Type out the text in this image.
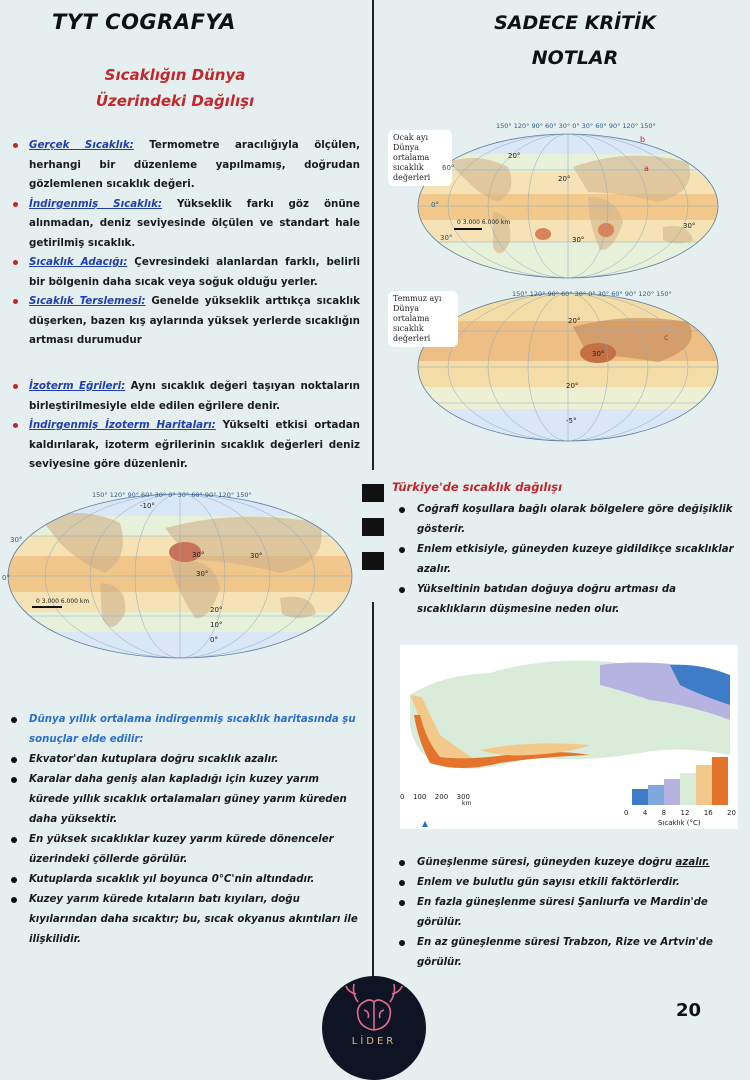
TYT COGRAFYA	SADECE KRİTİK
NOTLAR
Sıcaklığın Dünya
Üzerindeki Dağılışı
Gerçek Sıcaklık: Termometre aracılığıyla ölçülen, herhangi bir düzenleme yapılmamış, doğrudan gözlemlenen sıcaklık değeri.
İndirgenmiş Sıcaklık: Yükseklik farkı göz önüne alınmadan, deniz seviyesinde ölçülen ve standart hale getirilmiş sıcaklık.
Sıcaklık Adacığı: Çevresindeki alanlardan farklı, belirli bir bölgenin daha sıcak veya soğuk olduğu yerler.
Sıcaklık Terslemesi: Genelde yükseklik arttıkça sıcaklık düşerken, bazen kış aylarında yüksek yerlerde sıcaklığın artması durumudur
İzoterm Eğrileri: Aynı sıcaklık değeri taşıyan noktaların birleştirilmesiyle elde edilen eğrilere denir.
İndirgenmiş İzoterm Haritaları: Yükselti etkisi ortadan kaldırılarak, izoterm eğrilerinin sıcaklık değerleri deniz seviyesine göre düzenlenir.
150° 120° 90° 60° 30° 0° 30° 60° 90° 120° 150°
Ocak ayı Dünya ortalama sıcaklık değerleri
60°
0°
30°
20°
20°
30°
30°
0 3.000 6.000 km
b
a
150° 120° 90° 60° 30° 0° 30° 60° 90° 120° 150°
Temmuz ayı Dünya ortalama sıcaklık değerleri
20°
30°
20°
-5°
c
150° 120° 90° 60° 30° 0° 30° 60° 90° 120° 150°
-10°
30°	30°
30°
20°
10°
0°
30°
0°
0 3.000 6.000 km
Dünya yıllık ortalama indirgenmiş sıcaklık haritasında şu sonuçlar elde edilir:
Ekvator'dan kutuplara doğru sıcaklık azalır.
Karalar daha geniş alan kapladığı için kuzey yarım kürede yıllık sıcaklık ortalamaları güney yarım küreden daha yüksektir.
En yüksek sıcaklıklar kuzey yarım kürede dönenceler üzerindeki çöllerde görülür.
Kutuplarda sıcaklık yıl boyunca 0°C'nin altındadır.
Kuzey yarım kürede kıtaların batı kıyıları, doğu kıyılarından daha sıcaktır; bu, sıcak okyanus akıntıları ile ilişkilidir.
Türkiye'de sıcaklık dağılışı
Coğrafi koşullara bağlı olarak bölgelere göre değişiklik gösterir.
Enlem etkisiyle, güneyden kuzeye gidildikçe sıcaklıklar azalır.
Yükseltinin batıdan doğuya doğru artması da sıcaklıkların düşmesine neden olur.
0 100 200 300
km
0 4 8 12 16 20
Sıcaklık (°C)
Güneşlenme süresi, güneyden kuzeye doğru azalır.
Enlem ve bulutlu gün sayısı etkili faktörlerdir.
En fazla güneşlenme süresi Şanlıurfa ve Mardin'de görülür.
En az güneşlenme süresi Trabzon, Rize ve Artvin'de görülür.
LİDER
20
